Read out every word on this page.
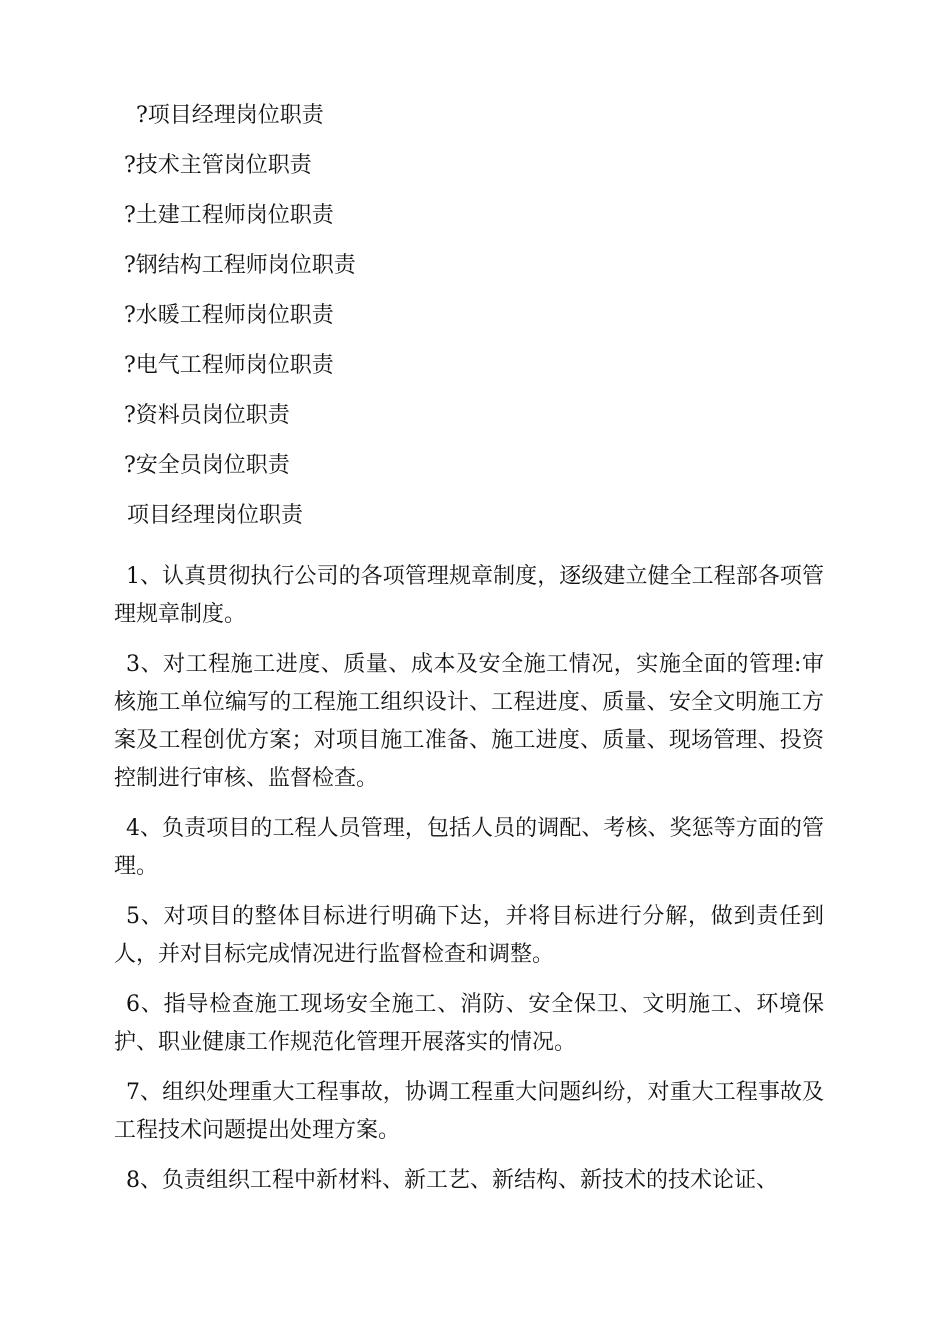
?项目经理岗位职责
?技术主管岗位职责
?土建工程师岗位职责
?钢结构工程师岗位职责
?水暖工程师岗位职责
?电气工程师岗位职责
?资料员岗位职责
?安全员岗位职责
项目经理岗位职责

1、认真贯彻执行公司的各项管理规章制度，逐级建立健全工程部各项管理规章制度。

3、对工程施工进度、质量、成本及安全施工情况，实施全面的管理:审核施工单位编写的工程施工组织设计、工程进度、质量、安全文明施工方案及工程创优方案；对项目施工准备、施工进度、质量、现场管理、投资控制进行审核、监督检查。

4、负责项目的工程人员管理，包括人员的调配、考核、奖惩等方面的管理。

5、对项目的整体目标进行明确下达，并将目标进行分解，做到责任到人，并对目标完成情况进行监督检查和调整。

6、指导检查施工现场安全施工、消防、安全保卫、文明施工、环境保护、职业健康工作规范化管理开展落实的情况。

7、组织处理重大工程事故，协调工程重大问题纠纷，对重大工程事故及工程技术问题提出处理方案。

8、负责组织工程中新材料、新工艺、新结构、新技术的技术论证、
